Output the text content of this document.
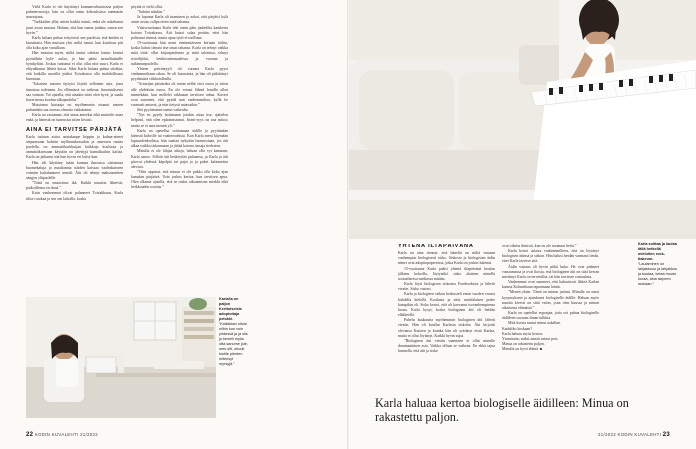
Vielä Karla ei ole käyttänyt kunnanvaltuustossa paljon puheenvuoroja, hän on ollut ensin kokouksissa enemmän seuraajana.

”Tarkkailen ylhä, miten kaikki toimii, enkä ole uskaltanut juuri avata suutani. Haluan, että kun sanon jotakin, sanon sen hyvin.”

Karla haluaa puhua erityisesti sen puolesta, että keiden ei kiusattaisi. Hän muistaa yhä, miltä tuntui, kun koulussa pitt olla koko ajan varuillaan.

Hän muistaa myös, miltä tuntui odottaa lomia: kesinä pyöräiltiin kylä- aulaa, ja hän pääsi tarmöltuimille hymkyläisi. Joskus tuntunut ei olut ollut niin suuri, Karla ei ehtynäkunut lähteä kotoa. Siksi Karla haluaa puhua siitäkin, että kaikilla nuorilla pitäisi Toivakassa olla mahdollisuus harrastaa.

”Jokaisen nuoren täytyisi löytää sellainen asia, josta innostuu todenaan. Jos ellämässä on vaikeaa, harrastuksesta saa voimaa. Voi ajatella, että ainakin siinä olen hyvä, ja saada kaveriseura koulun ulkopuolelta.”

Muistama kiusaaja on myöhemmin otsanut anteen puhuenkin saa ooreaa oleaatta vaikuttanut.

Karla on vastannut, että antaa anteeksi eikä muistele asiaa enää, ja hänestä on tunnustut sitten kivasti.

AINA EI TARVITSE PÄRJÄTÄ

Karla tuttuun astiat asutakaupe koppin ja kulma-aineet aiepaassaan kolmin myllinnnkossukin ja ansessen rantaa puolella, on ammattikurkkuijan kaikkuja koulussa ja ammattikurssaan käytään on jätettyjä kumulkuihin karlaa. Karla on jatkanut sitä kun hyvin eri loitse kan.

Hän sili käyttäny isään kannaa ilmeassa oistamasa buomekaluja ja maailannut näiden kaissaa vaaleakaiseen voimiin kaltahanneet sentalt. Äiti oli tehnyt maksumaleen sängyn yläpuolelle.

”Tästä on muotoitun ikä. Kaikki muuttin lähtevät, paikoillensa on tässä.”

Kuin vanhemmat olivat palanneet Toivakkaan, Karla tiltori ruokaa ja sen sen lattialla, koska

pöytää ei vielä ollut.

”Sulaise niinkin.”

Ja lopuma Karla oli inaminen ja aokoi, että pärjäisi kylä omin avuin, tullpa eteen mitä tahansa.

Viisisvuotiaana Karla teki omin päin jaubelika kantkerta kotona Toivakassa. Äiti katsoi salaa perään, ettei hän polttanut itsensä, mutta apua tyttö ei tuollinut.

15-vuotiaana hän meni ensimmäiseen kertaan töihin, koska halusi tienata itse omat rahansa. Karla on tehnyt vaikka mitä töitä: ollut kirjaapisäisena ja mitä talenissa, tehnyt risteilijöitä, henkivastimuudessa ja vuonna ja tutkimunpuolella.

Yhteen päiväntyyli oli vuonna Karla pyysi vanhemmiltaan rahaa. Se oli huonointa, ja hän oli pitkittänyt pyytämistä viikkotolkulla.

”Armeijan päiväraha oli ennin nellät vitsi euroa ja sitten alle yhdeksän euroa. En ole voinut lähteä lomilla ollen minnekään, kun mellelei rakkaaan tarvitsen rahaa. Kavert ovat sanoneet, että pyydä nan vanhemmiltaa, kyllä he varmasti antavat, ja niin tietysti antavatkin.”

Sitä pyytäminen tuntui vaikealta.

”Nyt en pyydy hoitamaan jotakin asiaa itse, ajattelen helposti, että olen epäonnistunut. Itseni-syys on usa mitoa; mutta se ei auta mennä yli.”

Karla on opetellut soittamaan äidille ja pyytämään hänestä kahville tai vaatteosteksia. Kun Karla meni käymään lapsuudenkodissa, hän saattaa nykyään luonnostaan, jos äiti alkaa vaikka tiskaamaan ja jättää kotona tassaja tiedosten.

Minulla ei ole lähjaa aikoja, haluan olla vyi kantaani, Karla sanoo. Silloin äiti keskeyttää puhaansa, ja Karla ja äiti pitovat yhdessä käpelpiä tai pajat ja ja paket kalaaneista alevista.

”Olen oppinut, että minun ei ole pakko olla koko ajan kamalan pärjäävä. Voin joskus kertoa, kun tarvitsen apua. Olen alkanut ajatella, että se onkin aikuismisen merkki eikä heikkouden osoitus.”

Karlalla on paljon Kerttuiseiste adoptoitaja pelokki.
”Kaikkiaan olivat niihin kun voin yhdessä ja ja siis jo kenelli myös otta sanome jole, mes silt, ohuuit tostile pienten mitensyt myrsyjä.”
22 KODIN KUVALEHTI 21/2022
YHTENÄ ILTAPÄIVÄNÄ

Karla on aina tiennyt, että häneltä on niiltä vastaan vanhempiin biologisesti sisko. Siskosta ja biologisten äidin nimet ovat adoptiopapereissa, jotka Karla on joskus lukenut.

15-vuotiaana Karla päätti yhtenä iltapäivänä koulun jälkeen kokeilla, löytyisikö sisko alaiteen nimellä sosiaalisessa mediassa mitään.

Karla löysi biologisen siskonsa Facebookista ja lähetti viestin. Sisko vastasi.

Karla ja biologisen siskon keskusteli ensin vuoden vuosia kahdella kielellä. Koulusta ja siitä, minkälaisen perhe kumpikin oli. Sisko kertoi, että oli kasvanut isovanhempiensa luona. Karla kysyi, koska biologinen äiti oli heidän eläkkeellä.

Puhelu kuukautta myöhemmin biologinen äiti lähetti viestin. Hän oli kuullut Karlasta siskolta. Äiti kirjoitti olevansa Kuisten ja kuinka hän oli yrittänyt etsiä Karlaa, mutta ei ollut löytänyt. Kaikki hyvin sujui.

”Biologinen äiti viestin saaminen ei ollut minulle draamaattinen asia. Vaikka olihan se vaikeaa. En ehkä tajua kunnolla, että äiti ja sisko

ovat oikeita ihmisiä, kun en ole tavannut heitä.”

Karla kertoi asiasta vanhemmilleen, että on löytänyt biologisen äitinsä ja siskon. Hän halusi heidän varmasti tietää, ettei Karla tarvitse sitä.

Äidin vastaus oli hyvin pitkä kuka. He ovat pitäneet vastaamassa ja ovat iloisia, että biologinen äiti on siitä kerran miettinyt Karla on tervetullut, tai hän tarvitsee vastauksia.

Vanhemmat ovat sanoneet, että haluaisivat lähteä Karlan kanssa Kolumbiaan tapaamaan häntä.

”Menen yksin. Tämä on minun juttuni. Minulla on omat kysymykseni ja ajatukseni biologiselle äidille. Haluan myös nauttia kivesti on siitä valon, joita olen kuussa ja minun aikaisesta elämästä.”

Karla on opetellut espanjaa, jotta voi puhua biologiselle äidilleen suoraan ilman tulkkia.

Mitä itsesta tuntui minut uskallan.

Kadultko koskaan?

Karla haluaa myös kertoa:

Ymmärrän, miksi annoit minut pois.

Minua on rakastettu paljon.

Minulla on hyvä elämä. ■

Karla soittaa ja laulaa tällä hetkellä mieluiten rock-tiakeum.
”Laulaminen on lahjakkuuu ja lahjakkuu ja kuutaa, kelaa muoto koraa, aina tarpeen mukaan.”
Karla haluaa kertoa biologiselle äidilleen: Minua on rakastettu paljon.
21/2022 KODIN KUVALEHTI 23
